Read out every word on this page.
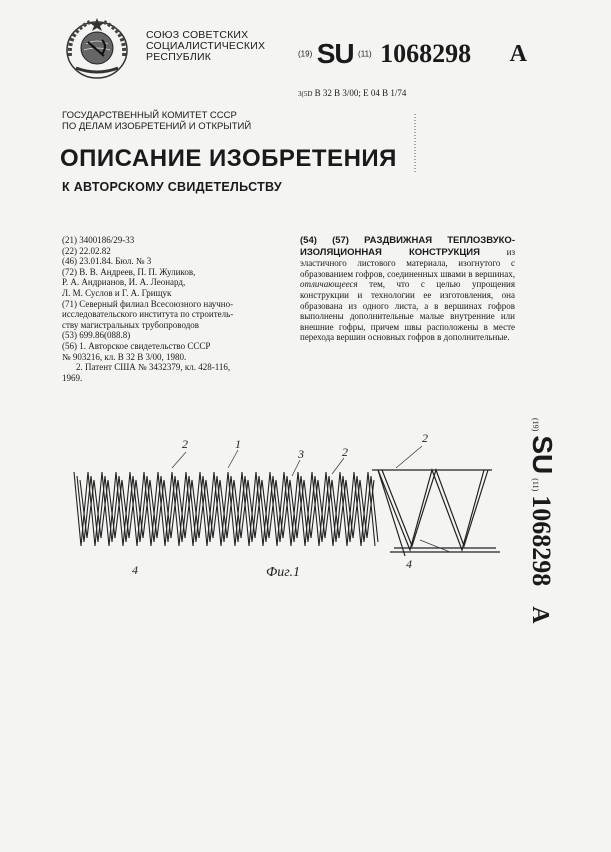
СОЮЗ СОВЕТСКИХ
СОЦИАЛИСТИЧЕСКИХ
РЕСПУБЛИК	(19) SU (11) 1068298 A
3(5D В 32 В 3/00; Е 04 В 1/74
ГОСУДАРСТВЕННЫЙ КОМИТЕТ СССР
ПО ДЕЛАМ ИЗОБРЕТЕНИЙ И ОТКРЫТИЙ
ОПИСАНИЕ ИЗОБРЕТЕНИЯ
К АВТОРСКОМУ СВИДЕТЕЛЬСТВУ
(21) 3400186/29-33
(22) 22.02.82
(46) 23.01.84. Бюл. № 3
(72) В. В. Андреев, П. П. Жуликов,
Р. А. Андрианов, И. А. Леонард,
Л. М. Суслов и Г. А. Грищук
(71) Северный филиал Всесоюзного научно-
исследовательского института по строитель-
ству магистральных трубопроводов
(53) 699.86(088.8)
(56) 1. Авторское свидетельство СССР
№ 903216, кл. В 32 В 3/00, 1980.
2. Патент США № 3432379, кл. 428-116,
1969.
(54) (57) РАЗДВИЖНАЯ ТЕПЛОЗВУКО-ИЗОЛЯЦИОННАЯ КОНСТРУКЦИЯ из эластичного листового материала, изогнутого с образованием гофров, соединенных швами в вершинах, отличающееся тем, что с целью упрощения конструкции и технологии ее изготовления, она образована из одного листа, а в вершинах гофров выполнены дополнительные малые внутренние или внешние гофры, причем швы расположены в месте перехода вершин основных гофров в дополнительные.
2	1
3	2
2
4	4
Фиг.1
(19) SU (11) 1068298 A
